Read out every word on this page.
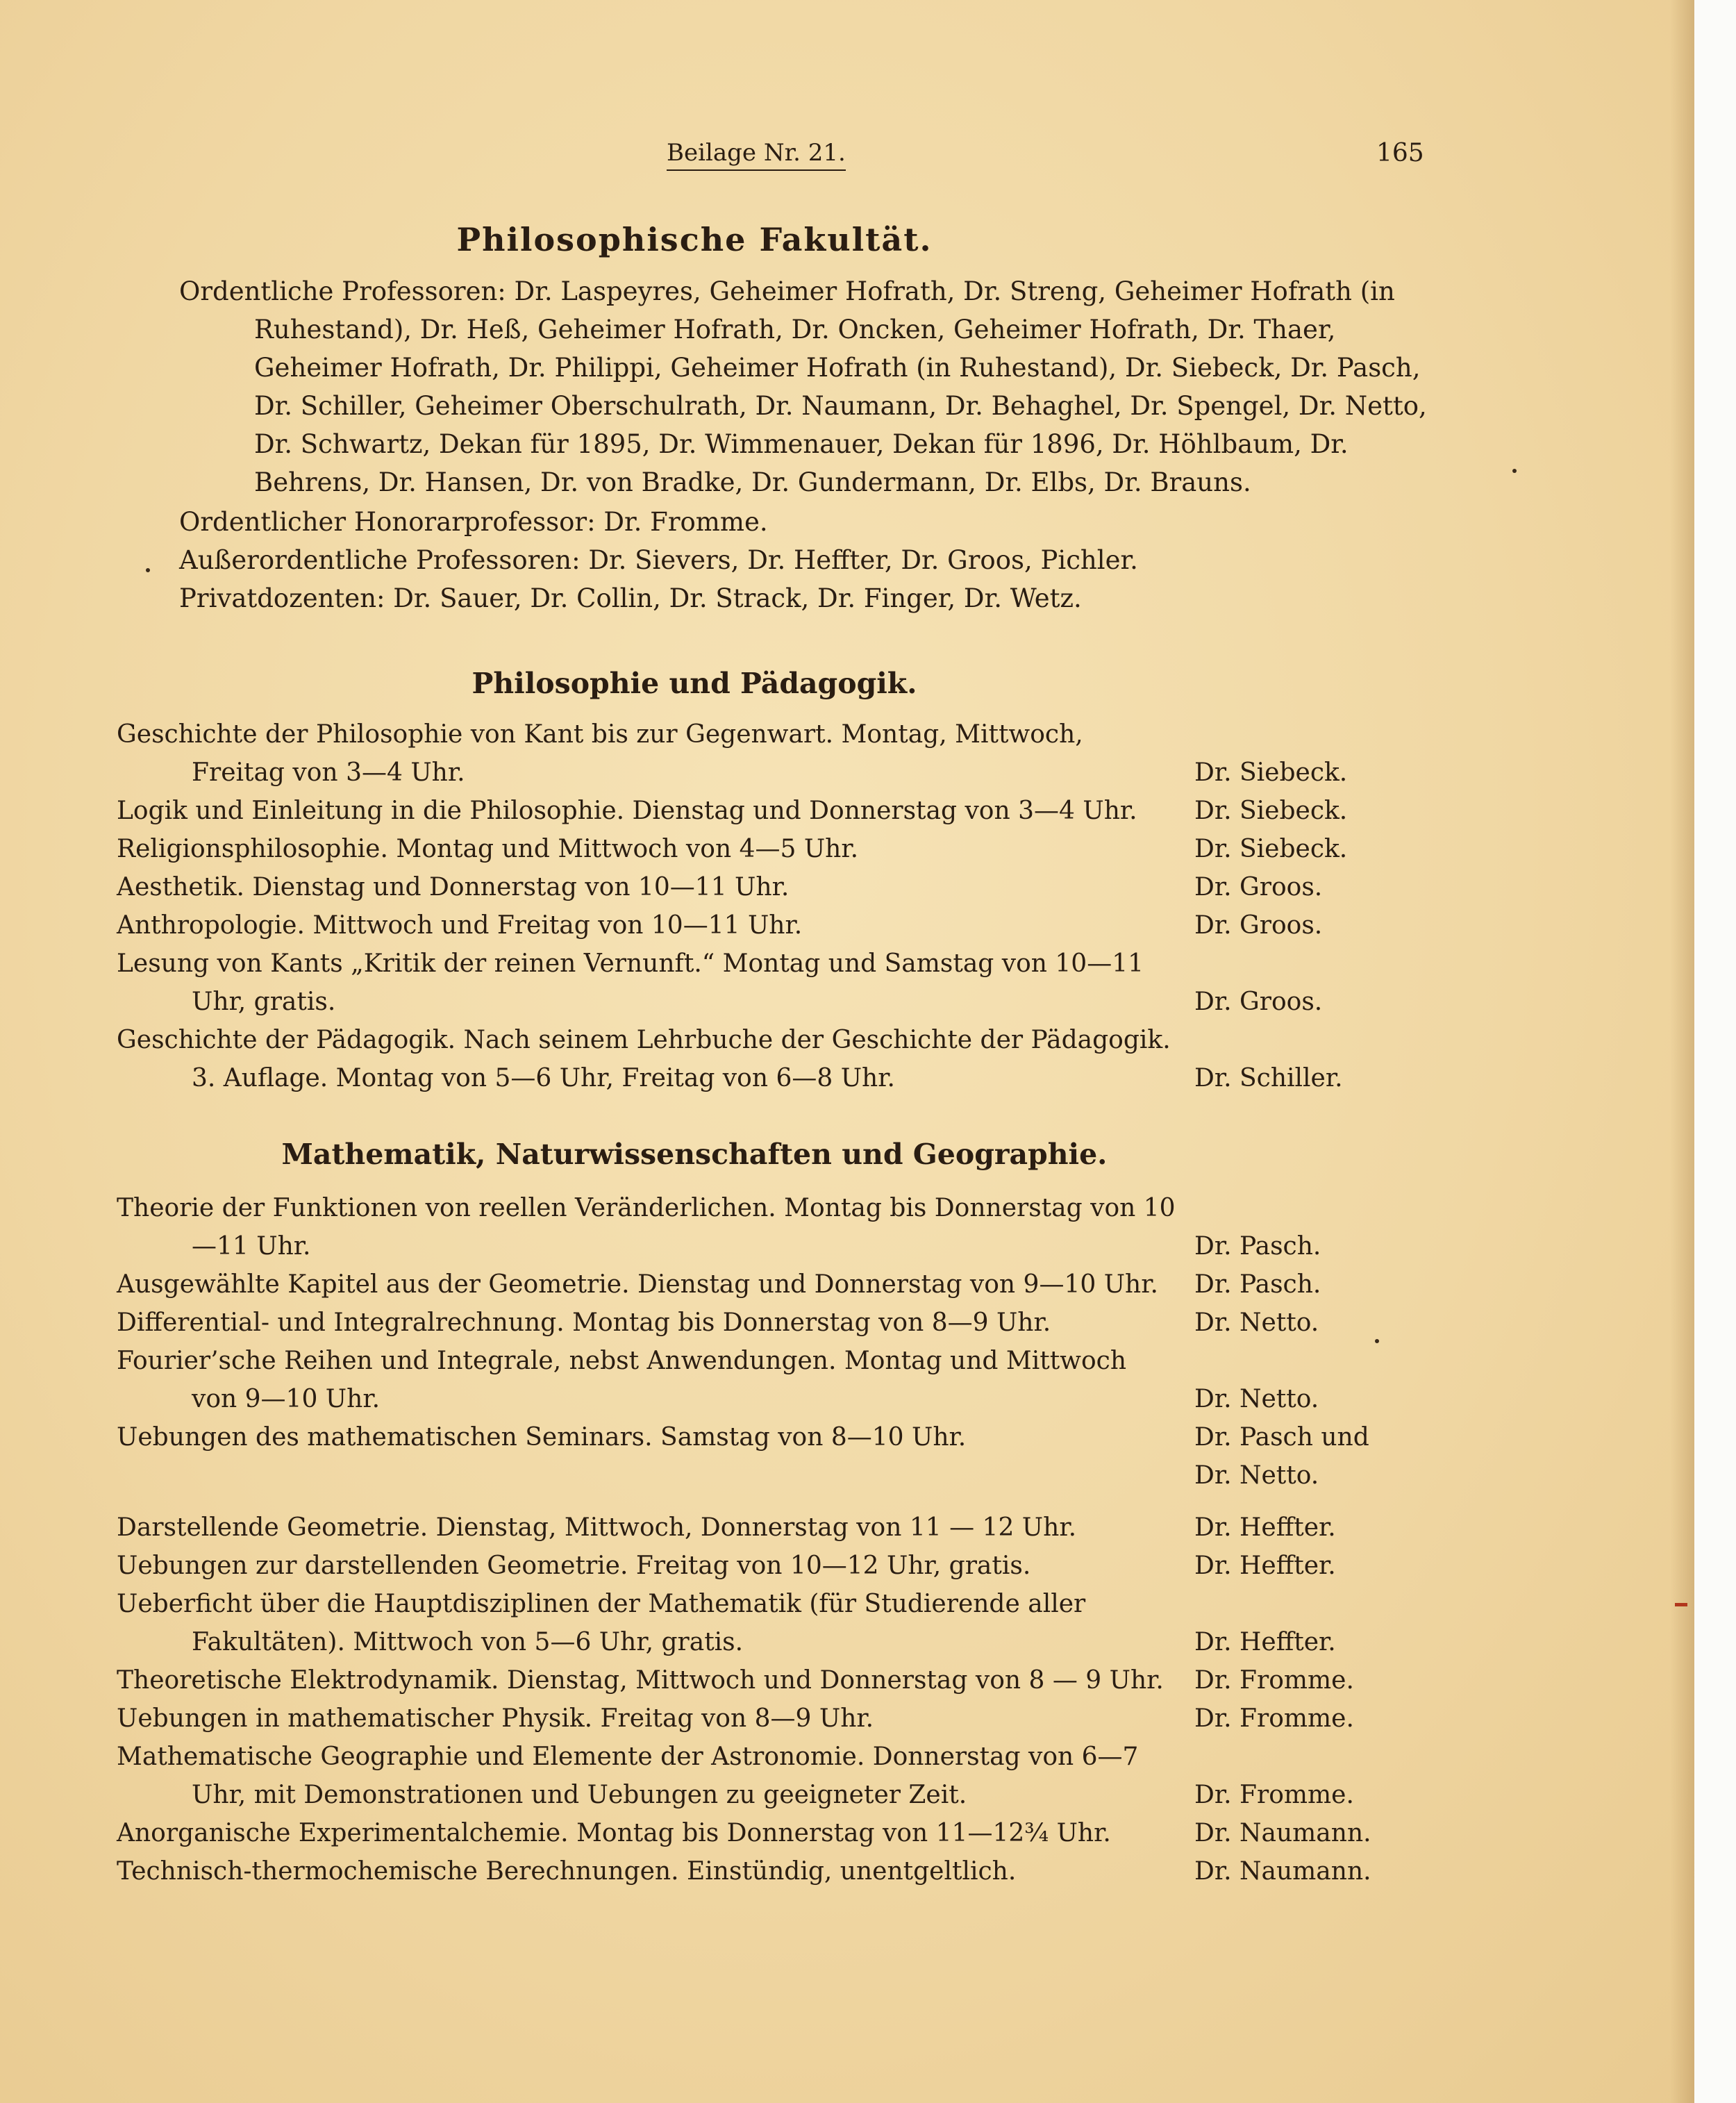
Beilage Nr. 21.	165
Philosophische Fakultät.
Ordentliche Professoren: Dr. Laspeyres, Geheimer Hofrath, Dr. Streng, Geheimer Hofrath (in Ruhestand), Dr. Heß, Geheimer Hofrath, Dr. Oncken, Geheimer Hofrath, Dr. Thaer, Geheimer Hofrath, Dr. Philippi, Geheimer Hofrath (in Ruhestand), Dr. Siebeck, Dr. Pasch, Dr. Schiller, Geheimer Oberschulrath, Dr. Naumann, Dr. Behaghel, Dr. Spengel, Dr. Netto, Dr. Schwartz, Dekan für 1895, Dr. Wimmenauer, Dekan für 1896, Dr. Höhlbaum, Dr. Behrens, Dr. Hansen, Dr. von Bradke, Dr. Gundermann, Dr. Elbs, Dr. Brauns.
Ordentlicher Honorarprofessor: Dr. Fromme.
Außerordentliche Professoren: Dr. Sievers, Dr. Heffter, Dr. Groos, Pichler.
Privatdozenten: Dr. Sauer, Dr. Collin, Dr. Strack, Dr. Finger, Dr. Wetz.
Philosophie und Pädagogik.
Geschichte der Philosophie von Kant bis zur Gegenwart. Montag, Mittwoch, Freitag von 3—4 Uhr.	Dr. Siebeck.
Logik und Einleitung in die Philosophie. Dienstag und Donnerstag von 3—4 Uhr.	Dr. Siebeck.
Religionsphilosophie. Montag und Mittwoch von 4—5 Uhr.	Dr. Siebeck.
Aesthetik. Dienstag und Donnerstag von 10—11 Uhr.	Dr. Groos.
Anthropologie. Mittwoch und Freitag von 10—11 Uhr.	Dr. Groos.
Lesung von Kants „Kritik der reinen Vernunft.“ Montag und Samstag von 10—11 Uhr, gratis.	Dr. Groos.
Geschichte der Pädagogik. Nach seinem Lehrbuche der Geschichte der Pädagogik. 3. Auflage. Montag von 5—6 Uhr, Freitag von 6—8 Uhr.	Dr. Schiller.
Mathematik, Naturwissenschaften und Geographie.
Theorie der Funktionen von reellen Veränderlichen. Montag bis Donnerstag von 10—11 Uhr.	Dr. Pasch.
Ausgewählte Kapitel aus der Geometrie. Dienstag und Donnerstag von 9—10 Uhr.	Dr. Pasch.
Differential- und Integralrechnung. Montag bis Donnerstag von 8—9 Uhr.	Dr. Netto.
Fourier’sche Reihen und Integrale, nebst Anwendungen. Montag und Mittwoch von 9—10 Uhr.	Dr. Netto.
Uebungen des mathematischen Seminars. Samstag von 8—10 Uhr.	Dr. Pasch und
Dr. Netto.
Darstellende Geometrie. Dienstag, Mittwoch, Donnerstag von 11 — 12 Uhr.	Dr. Heffter.
Uebungen zur darstellenden Geometrie. Freitag von 10—12 Uhr, gratis.	Dr. Heffter.
Ueberficht über die Hauptdisziplinen der Mathematik (für Studierende aller Fakultäten). Mittwoch von 5—6 Uhr, gratis.	Dr. Heffter.
Theoretische Elektrodynamik. Dienstag, Mittwoch und Donnerstag von 8 — 9 Uhr.	Dr. Fromme.
Uebungen in mathematischer Physik. Freitag von 8—9 Uhr.	Dr. Fromme.
Mathematische Geographie und Elemente der Astronomie. Donnerstag von 6—7 Uhr, mit Demonstrationen und Uebungen zu geeigneter Zeit.	Dr. Fromme.
Anorganische Experimentalchemie. Montag bis Donnerstag von 11—12¾ Uhr.	Dr. Naumann.
Technisch-thermochemische Berechnungen. Einstündig, unentgeltlich.	Dr. Naumann.
